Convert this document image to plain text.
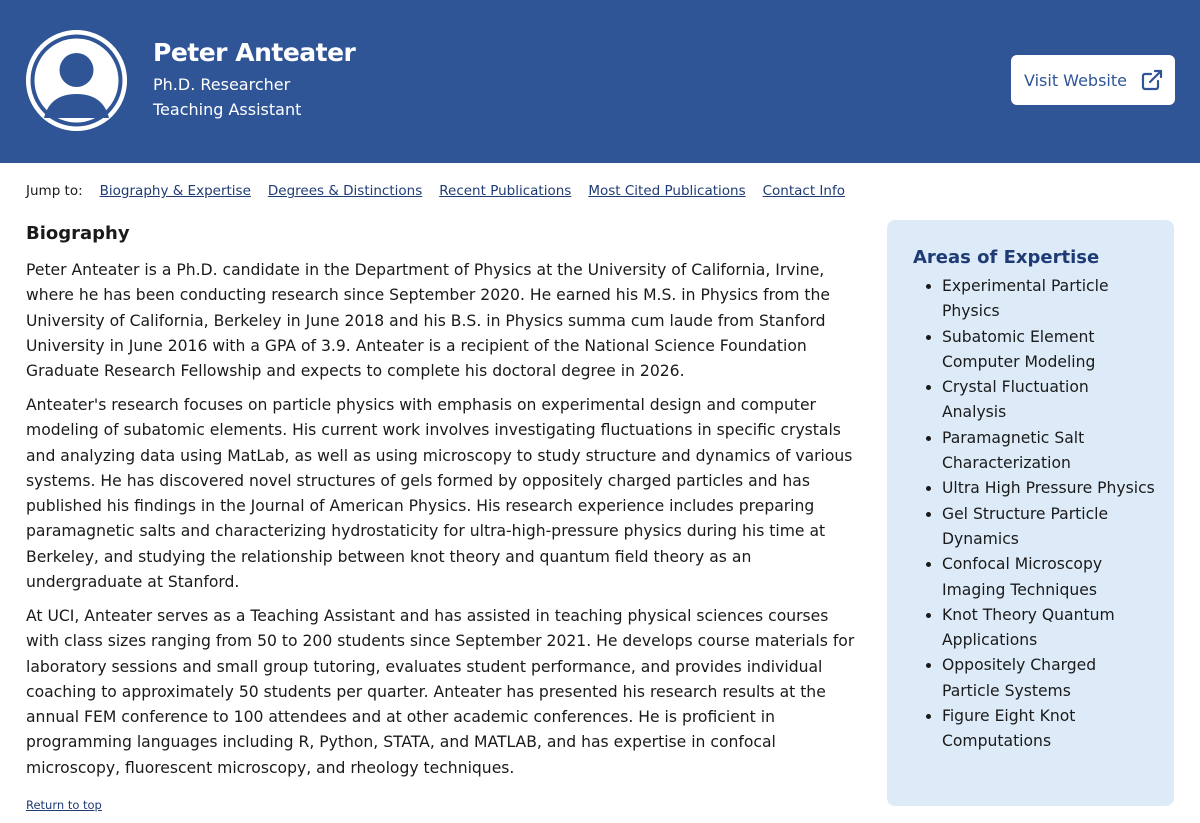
Peter Anteater
Ph.D. Researcher
Teaching Assistant
Visit Website
Jump to: Biography & Expertise Degrees & Distinctions Recent Publications Most Cited Publications Contact Info
Biography

Peter Anteater is a Ph.D. candidate in the Department of Physics at the University of California, Irvine, where he has been conducting research since September 2020. He earned his M.S. in Physics from the University of California, Berkeley in June 2018 and his B.S. in Physics summa cum laude from Stanford University in June 2016 with a GPA of 3.9. Anteater is a recipient of the National Science Foundation Graduate Research Fellowship and expects to complete his doctoral degree in 2026.

Anteater's research focuses on particle physics with emphasis on experimental design and computer modeling of subatomic elements. His current work involves investigating fluctuations in specific crystals and analyzing data using MatLab, as well as using microscopy to study structure and dynamics of various systems. He has discovered novel structures of gels formed by oppositely charged particles and has published his findings in the Journal of American Physics. His research experience includes preparing paramagnetic salts and characterizing hydrostaticity for ultra-high-pressure physics during his time at Berkeley, and studying the relationship between knot theory and quantum field theory as an undergraduate at Stanford.

At UCI, Anteater serves as a Teaching Assistant and has assisted in teaching physical sciences courses with class sizes ranging from 50 to 200 students since September 2021. He develops course materials for laboratory sessions and small group tutoring, evaluates student performance, and provides individual coaching to approximately 50 students per quarter. Anteater has presented his research results at the annual FEM conference to 100 attendees and at other academic conferences. He is proficient in programming languages including R, Python, STATA, and MATLAB, and has expertise in confocal microscopy, fluorescent microscopy, and rheology techniques.

Return to top
Areas of Expertise
• Experimental Particle Physics
• Subatomic Element Computer Modeling
• Crystal Fluctuation Analysis
• Paramagnetic Salt Characterization
• Ultra High Pressure Physics
• Gel Structure Particle Dynamics
• Confocal Microscopy Imaging Techniques
• Knot Theory Quantum Applications
• Oppositely Charged Particle Systems
• Figure Eight Knot Computations
